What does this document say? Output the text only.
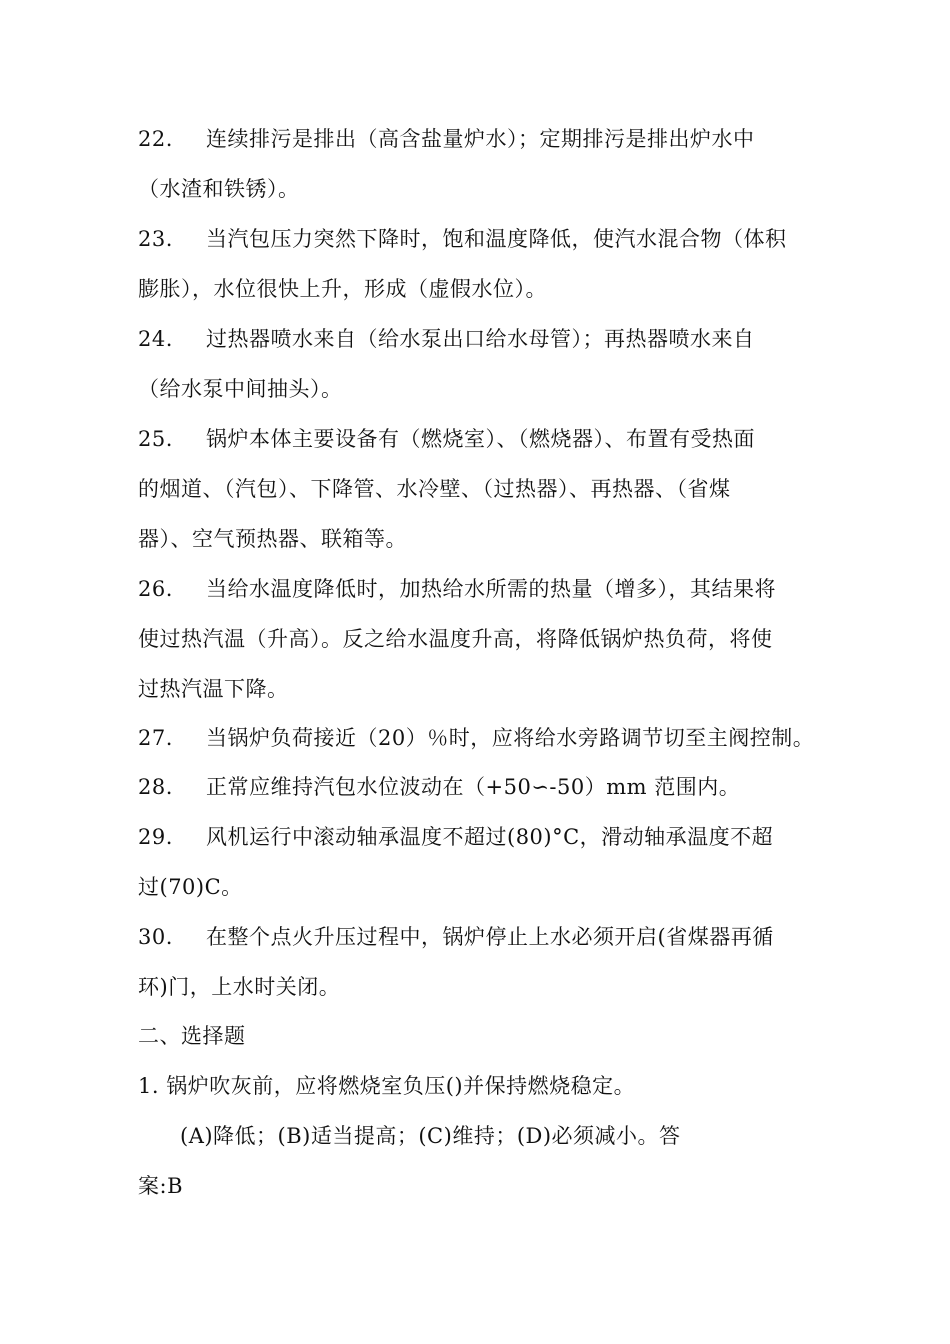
22. 连续排污是排出（高含盐量炉水）；定期排污是排出炉水中
（水渣和铁锈）。
23. 当汽包压力突然下降时，饱和温度降低，使汽水混合物（体积
膨胀），水位很快上升，形成（虚假水位）。
24. 过热器喷水来自（给水泵出口给水母管）；再热器喷水来自
（给水泵中间抽头）。
25. 锅炉本体主要设备有（燃烧室）、（燃烧器）、布置有受热面
的烟道、（汽包）、下降管、水冷壁、（过热器）、再热器、（省煤
器）、空气预热器、联箱等。
26. 当给水温度降低时，加热给水所需的热量（增多），其结果将
使过热汽温（升高）。反之给水温度升高，将降低锅炉热负荷，将使
过热汽温下降。
27. 当锅炉负荷接近（20）％时，应将给水旁路调节切至主阀控制。
28. 正常应维持汽包水位波动在（+50∽-50）mm 范围内。
29. 风机运行中滚动轴承温度不超过(80)°C，滑动轴承温度不超
过(70)C。
30. 在整个点火升压过程中，锅炉停止上水必须开启(省煤器再循
环)门，上水时关闭。
二、选择题
1. 锅炉吹灰前，应将燃烧室负压()并保持燃烧稳定。
(A)降低；(B)适当提高；(C)维持；(D)必须减小。答
案:B
